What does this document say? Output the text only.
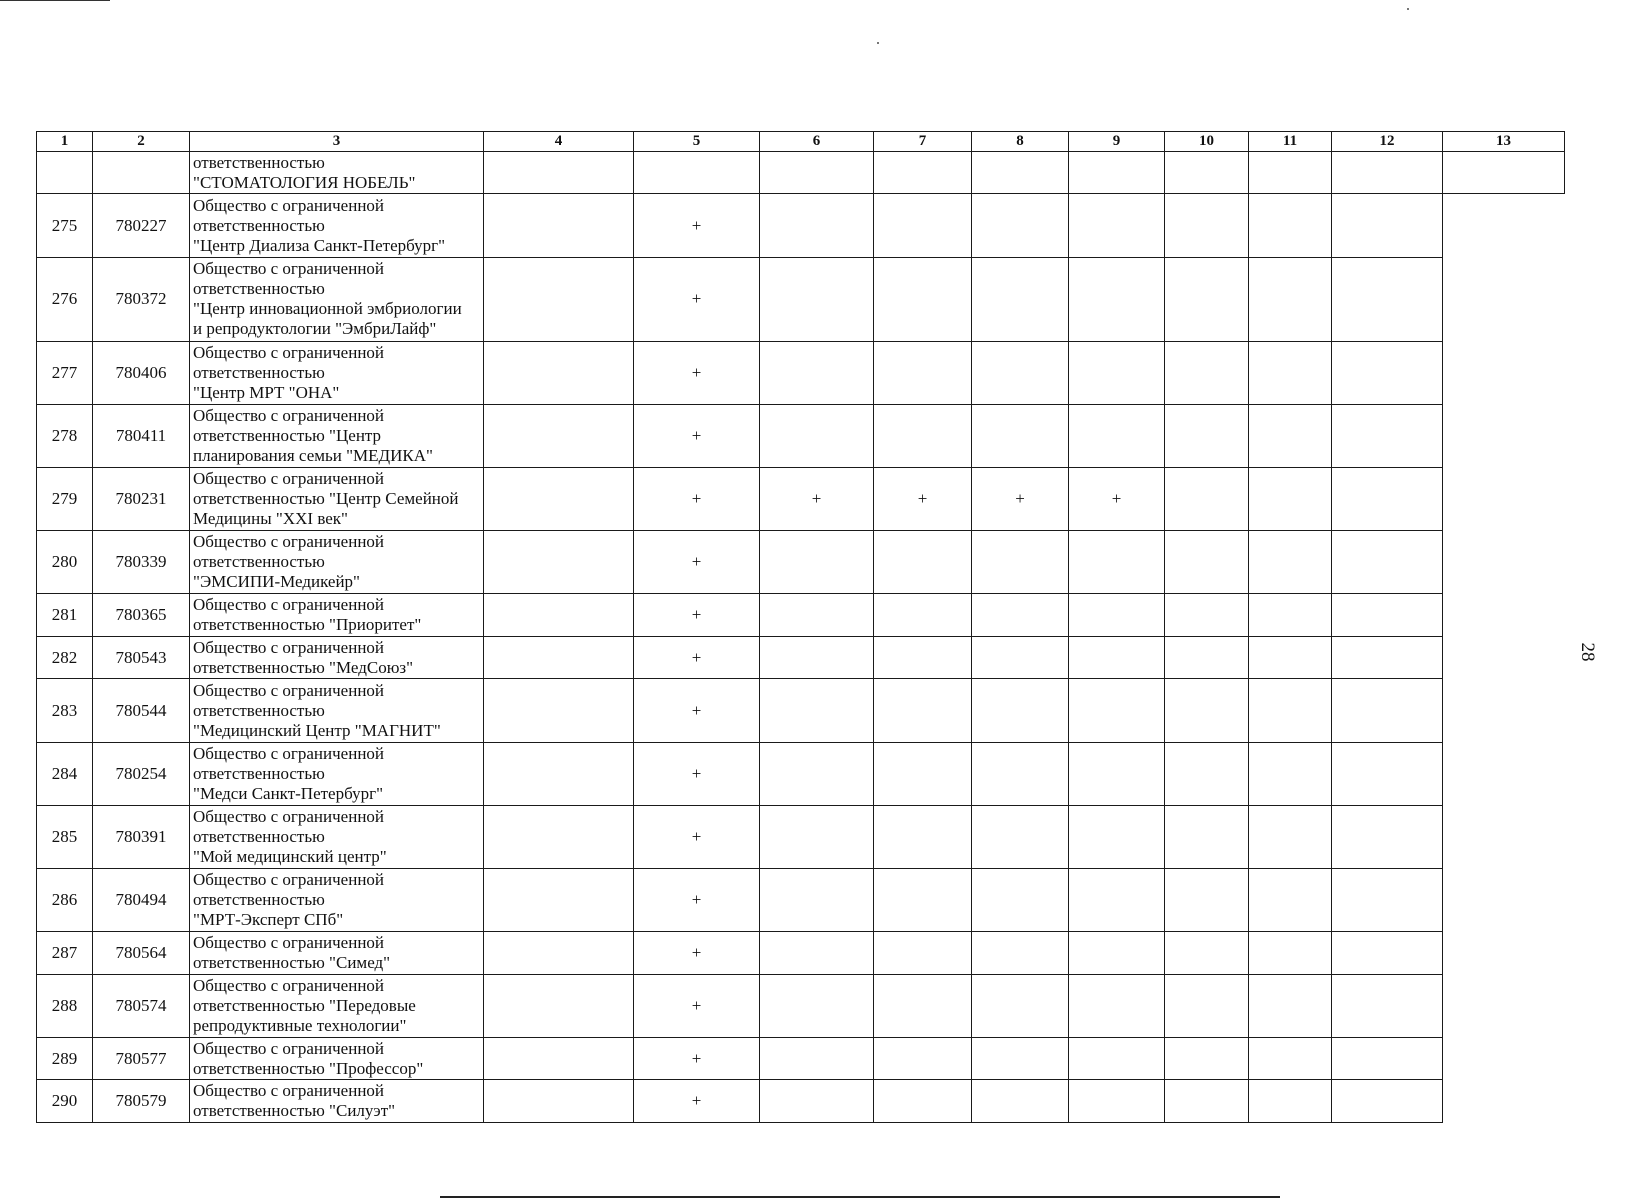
1	2	3	4	5	6	7	8	9	10	11	12	13

		ответственностью
"СТОМАТОЛОГИЯ НОБЕЛЬ"										

275	780227	Общество с ограниченной
ответственностью
"Центр Диализа Санкт-Петербург"		+								
276	780372	Общество с ограниченной
ответственностью
"Центр инновационной эмбриологии
и репродуктологии "ЭмбриЛайф"		+								
277	780406	Общество с ограниченной
ответственностью
"Центр МРТ "ОНА"		+								
278	780411	Общество с ограниченной
ответственностью "Центр
планирования семьи "МЕДИКА"		+								
279	780231	Общество с ограниченной
ответственностью "Центр Семейной
Медицины "XXI век"		+	+	+	+	+				
280	780339	Общество с ограниченной
ответственностью
"ЭМСИПИ-Медикейр"		+								
281	780365	Общество с ограниченной
ответственностью "Приоритет"		+								
282	780543	Общество с ограниченной
ответственностью "МедСоюз"		+								
283	780544	Общество с ограниченной
ответственностью
"Медицинский Центр "МАГНИТ"		+								
284	780254	Общество с ограниченной
ответственностью
"Медси Санкт-Петербург"		+								
285	780391	Общество с ограниченной
ответственностью
"Мой медицинский центр"		+								
286	780494	Общество с ограниченной
ответственностью
"МРТ-Эксперт СПб"		+								
287	780564	Общество с ограниченной
ответственностью "Симед"		+								
288	780574	Общество с ограниченной
ответственностью "Передовые
репродуктивные технологии"		+								
289	780577	Общество с ограниченной
ответственностью "Профессор"		+								
290	780579	Общество с ограниченной
ответственностью "Силуэт"		+								
28
